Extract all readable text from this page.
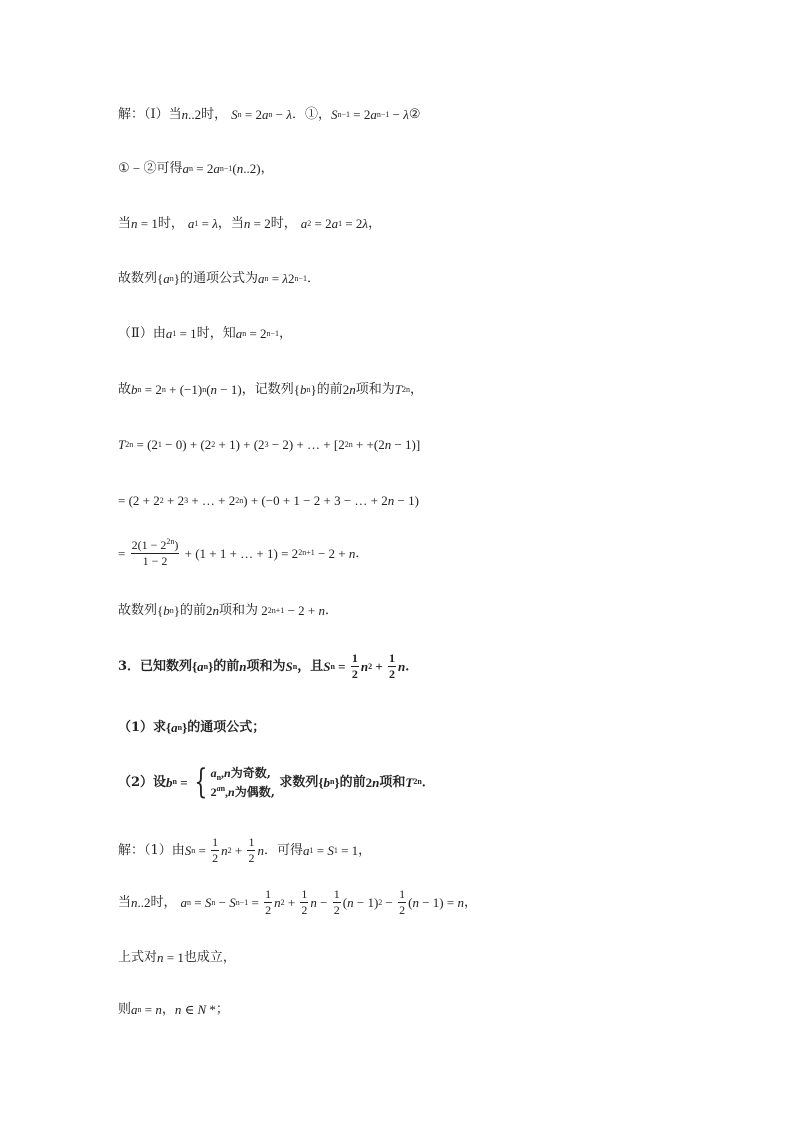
解：（Ⅰ）当 n .. 2 时， S n = 2 a n − λ ．①， S n−1 = 2 a n−1 − λ ②
① − ②可得 a n = 2 a n−1 ( n .. 2) ，
当 n = 1 时， a 1 = λ ，当 n = 2 时， a 2 = 2 a 1 = 2 λ ，
故数列 { a n } 的通项公式为 a n = λ 2 n−1 ．
（Ⅱ）由 a 1 = 1 时，知 a n = 2 n−1 ，
故 b n = 2 n + (−1) n ( n − 1) ，记数列 { b n } 的前 2 n 项和为 T 2n ，
T 2n = (2 1 − 0) + (2 2 + 1) + (2 3 − 2) + … + [2 2n + +(2 n − 1)]
= (2 + 2 2 + 2 3 + … + 2 2n ) + (−0 + 1 − 2 + 3 − … + 2 n − 1)
= $\frac{2(1 - 2^{2n})}{1 - 2} + (1 + 1$ + … + 1) = 2 2n+1 − 2 + n ．
故数列 { b n } 的前 2 n 项和为 2 2n+1 − 2 + n ．
3．已知数列 { a n } 的前 n 项和为 S n ，且 S $n = \frac{1}{2}$ n $2 + \frac{1}{2}$ n ．
（1）求 { a n } 的通项公式；
（2）设 b n = { $a_n,n$为奇数,
$2^{an},n$为偶数,
求数列 { b n } 的前 2 n 项和 T 2n ．
解：（1）由 S $n = \frac{1}{2}$ n $2 + \frac{1}{2}$ n ．可得 a 1 = S 1 = 1 ，
当 n .. 2 时， a n = S n − S $n-1 = \frac{1}{2}$ n $2 + \frac{1}{2}$ $n - \frac{1}{2}$ ( n − 1) $2 - \frac{1}{2}$ ( n − 1) = n ，
上式对 n = 1 也成立，
则 a n = n ， n ∈ N * ；
